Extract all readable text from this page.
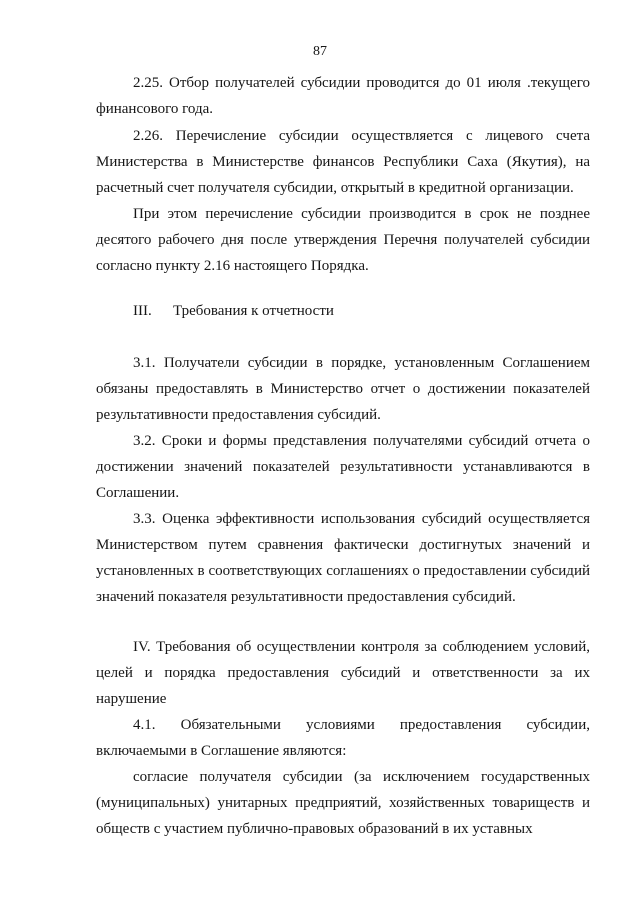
87

2.25. Отбор получателей субсидии проводится до 01 июля .текущего финансового года.

2.26. Перечисление субсидии осуществляется с лицевого счета Министерства в Министерстве финансов Республики Саха (Якутия), на расчетный счет получателя субсидии, открытый в кредитной организации.

При этом перечисление субсидии производится в срок не позднее десятого рабочего дня после утверждения Перечня получателей субсидии согласно пункту 2.16 настоящего Порядка.

III. Требования к отчетности

3.1. Получатели субсидии в порядке, установленным Соглашением обязаны предоставлять в Министерство отчет о достижении показателей результативности предоставления субсидий.

3.2. Сроки и формы представления получателями субсидий отчета о достижении значений показателей результативности устанавливаются в Соглашении.

3.3. Оценка эффективности использования субсидий осуществляется Министерством путем сравнения фактически достигнутых значений и установленных в соответствующих соглашениях о предоставлении субсидий значений показателя результативности предоставления субсидий.

IV. Требования об осуществлении контроля за соблюдением условий, целей и порядка предоставления субсидий и ответственности за их нарушение

4.1. Обязательными условиями предоставления субсидии, включаемыми в Соглашение являются:

согласие получателя субсидии (за исключением государственных (муниципальных) унитарных предприятий, хозяйственных товариществ и обществ с участием публично-правовых образований в их уставных
